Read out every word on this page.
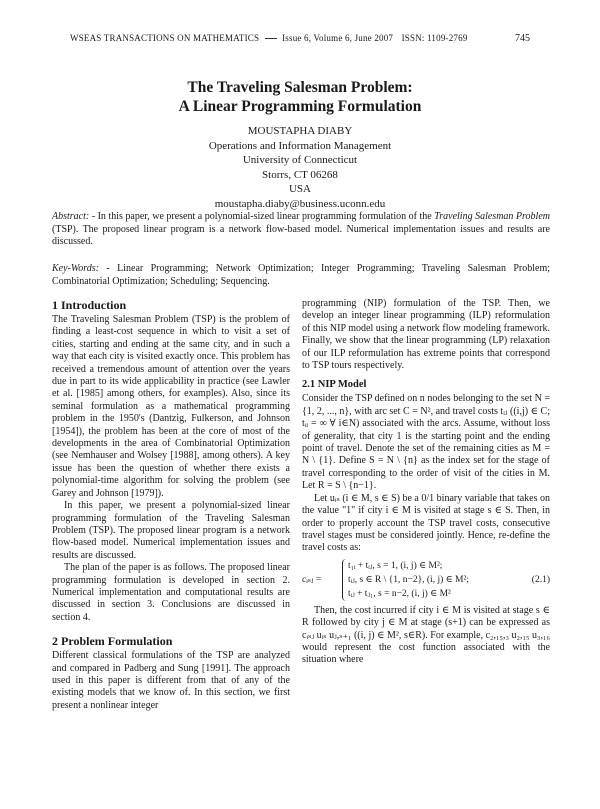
WSEAS TRANSACTIONS ON MATHEMATICS	Issue 6, Volume 6, June 2007 ISSN: 1109-2769	745
The Traveling Salesman Problem:
A Linear Programming Formulation
MOUSTAPHA DIABY
Operations and Information Management
University of Connecticut
Storrs, CT 06268
USA
moustapha.diaby@business.uconn.edu
Abstract: - In this paper, we present a polynomial-sized linear programming formulation of the Traveling Salesman Problem (TSP). The proposed linear program is a network flow-based model. Numerical implementation issues and results are discussed.
Key-Words: - Linear Programming; Network Optimization; Integer Programming; Traveling Salesman Problem; Combinatorial Optimization; Scheduling; Sequencing.
1 Introduction

The Traveling Salesman Problem (TSP) is the problem of finding a least-cost sequence in which to visit a set of cities, starting and ending at the same city, and in such a way that each city is visited exactly once. This problem has received a tremendous amount of attention over the years due in part to its wide applicability in practice (see Lawler et al. [1985] among others, for examples). Also, since its seminal formulation as a mathematical programming problem in the 1950's (Dantzig, Fulkerson, and Johnson [1954]), the problem has been at the core of most of the developments in the area of Combinatorial Optimization (see Nemhauser and Wolsey [1988], among others). A key issue has been the question of whether there exists a polynomial-time algorithm for solving the problem (see Garey and Johnson [1979]).

In this paper, we present a polynomial-sized linear programming formulation of the Traveling Salesman Problem (TSP). The proposed linear program is a network flow-based model. Numerical implementation issues and results are discussed.

The plan of the paper is as follows. The proposed linear programming formulation is developed in section 2. Numerical implementation and computational results are discussed in section 3. Conclusions are discussed in section 4.

2 Problem Formulation

Different classical formulations of the TSP are analyzed and compared in Padberg and Sung [1991]. The approach used in this paper is different from that of any of the existing models that we know of. In this section, we first present a nonlinear integer

programming (NIP) formulation of the TSP. Then, we develop an integer linear programming (ILP) reformulation of this NIP model using a network flow modeling framework. Finally, we show that the linear programming (LP) relaxation of our ILP reformulation has extreme points that correspond to TSP tours respectively.

2.1 NIP Model

Consider the TSP defined on n nodes belonging to the set N = {1, 2, ..., n}, with arc set C = N², and travel costs tᵢⱼ ((i,j) ∈ C; tᵢᵢ = ∞ ∀ i∈N) associated with the arcs. Assume, without loss of generality, that city 1 is the starting point and the ending point of travel. Denote the set of the remaining cities as M = N \ {1}. Define S = N \ {n} as the index set for the stage of travel corresponding to the order of visit of the cities in M. Let R = S \ {n−1}.

Let uᵢₛ (i ∈ M, s ∈ S) be a 0/1 binary variable that takes on the value "1" if city i ∈ M is visited at stage s ∈ S. Then, in order to properly account the TSP travel costs, consecutive travel stages must be considered jointly. Hence, re-define the travel costs as:

cᵢₛⱼ =
t₁ᵢ + tᵢⱼ, s = 1, (i, j) ∈ M²;
tᵢⱼ, s ∈ R \ {1, n−2}, (i, j) ∈ M²;
tᵢⱼ + tⱼ₁, s = n−2, (i, j) ∈ M²
(2.1)

Then, the cost incurred if city i ∈ M is visited at stage s ∈ R followed by city j ∈ M at stage (s+1) can be expressed as cᵢₛⱼ uᵢₛ uⱼ,ₛ₊₁ ((i, j) ∈ M², s∈R). For example, c₂,₁₅,₃ u₂,₁₅ u₃,₁₆ would represent the cost function associated with the situation where
